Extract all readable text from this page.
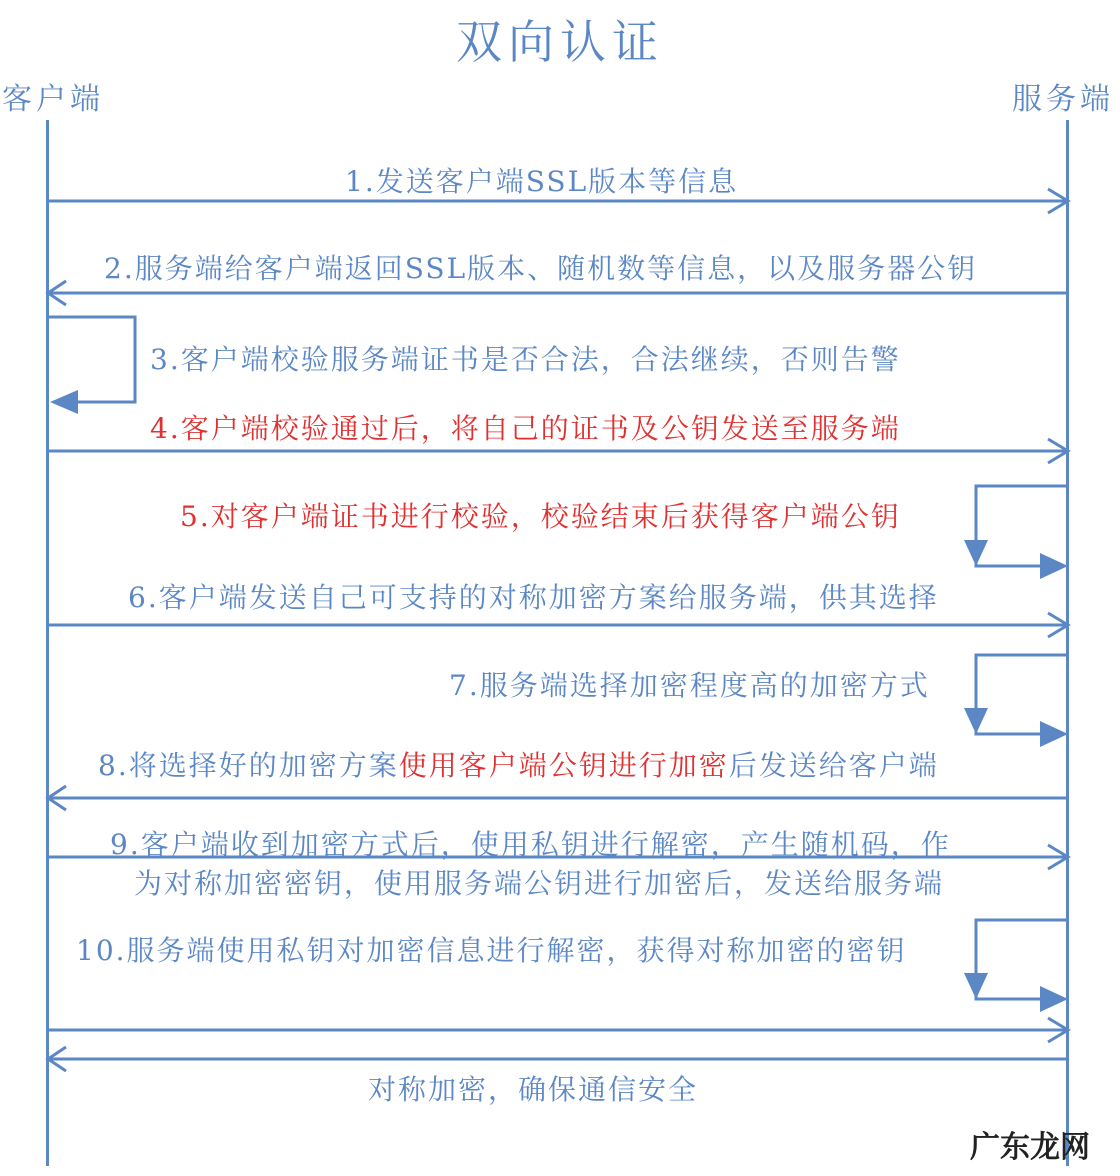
双向认证
客户端	服务端
1.发送客户端SSL版本等信息
2.服务端给客户端返回SSL版本、随机数等信息，以及服务器公钥
3.客户端校验服务端证书是否合法，合法继续，否则告警
4.客户端校验通过后，将自己的证书及公钥发送至服务端
5.对客户端证书进行校验，校验结束后获得客户端公钥
6.客户端发送自己可支持的对称加密方案给服务端，供其选择
7.服务端选择加密程度高的加密方式
8.将选择好的加密方案使用客户端公钥进行加密后发送给客户端
9.客户端收到加密方式后，使用私钥进行解密，产生随机码，作
为对称加密密钥，使用服务端公钥进行加密后，发送给服务端
10.服务端使用私钥对加密信息进行解密，获得对称加密的密钥
对称加密，确保通信安全
广东龙网
